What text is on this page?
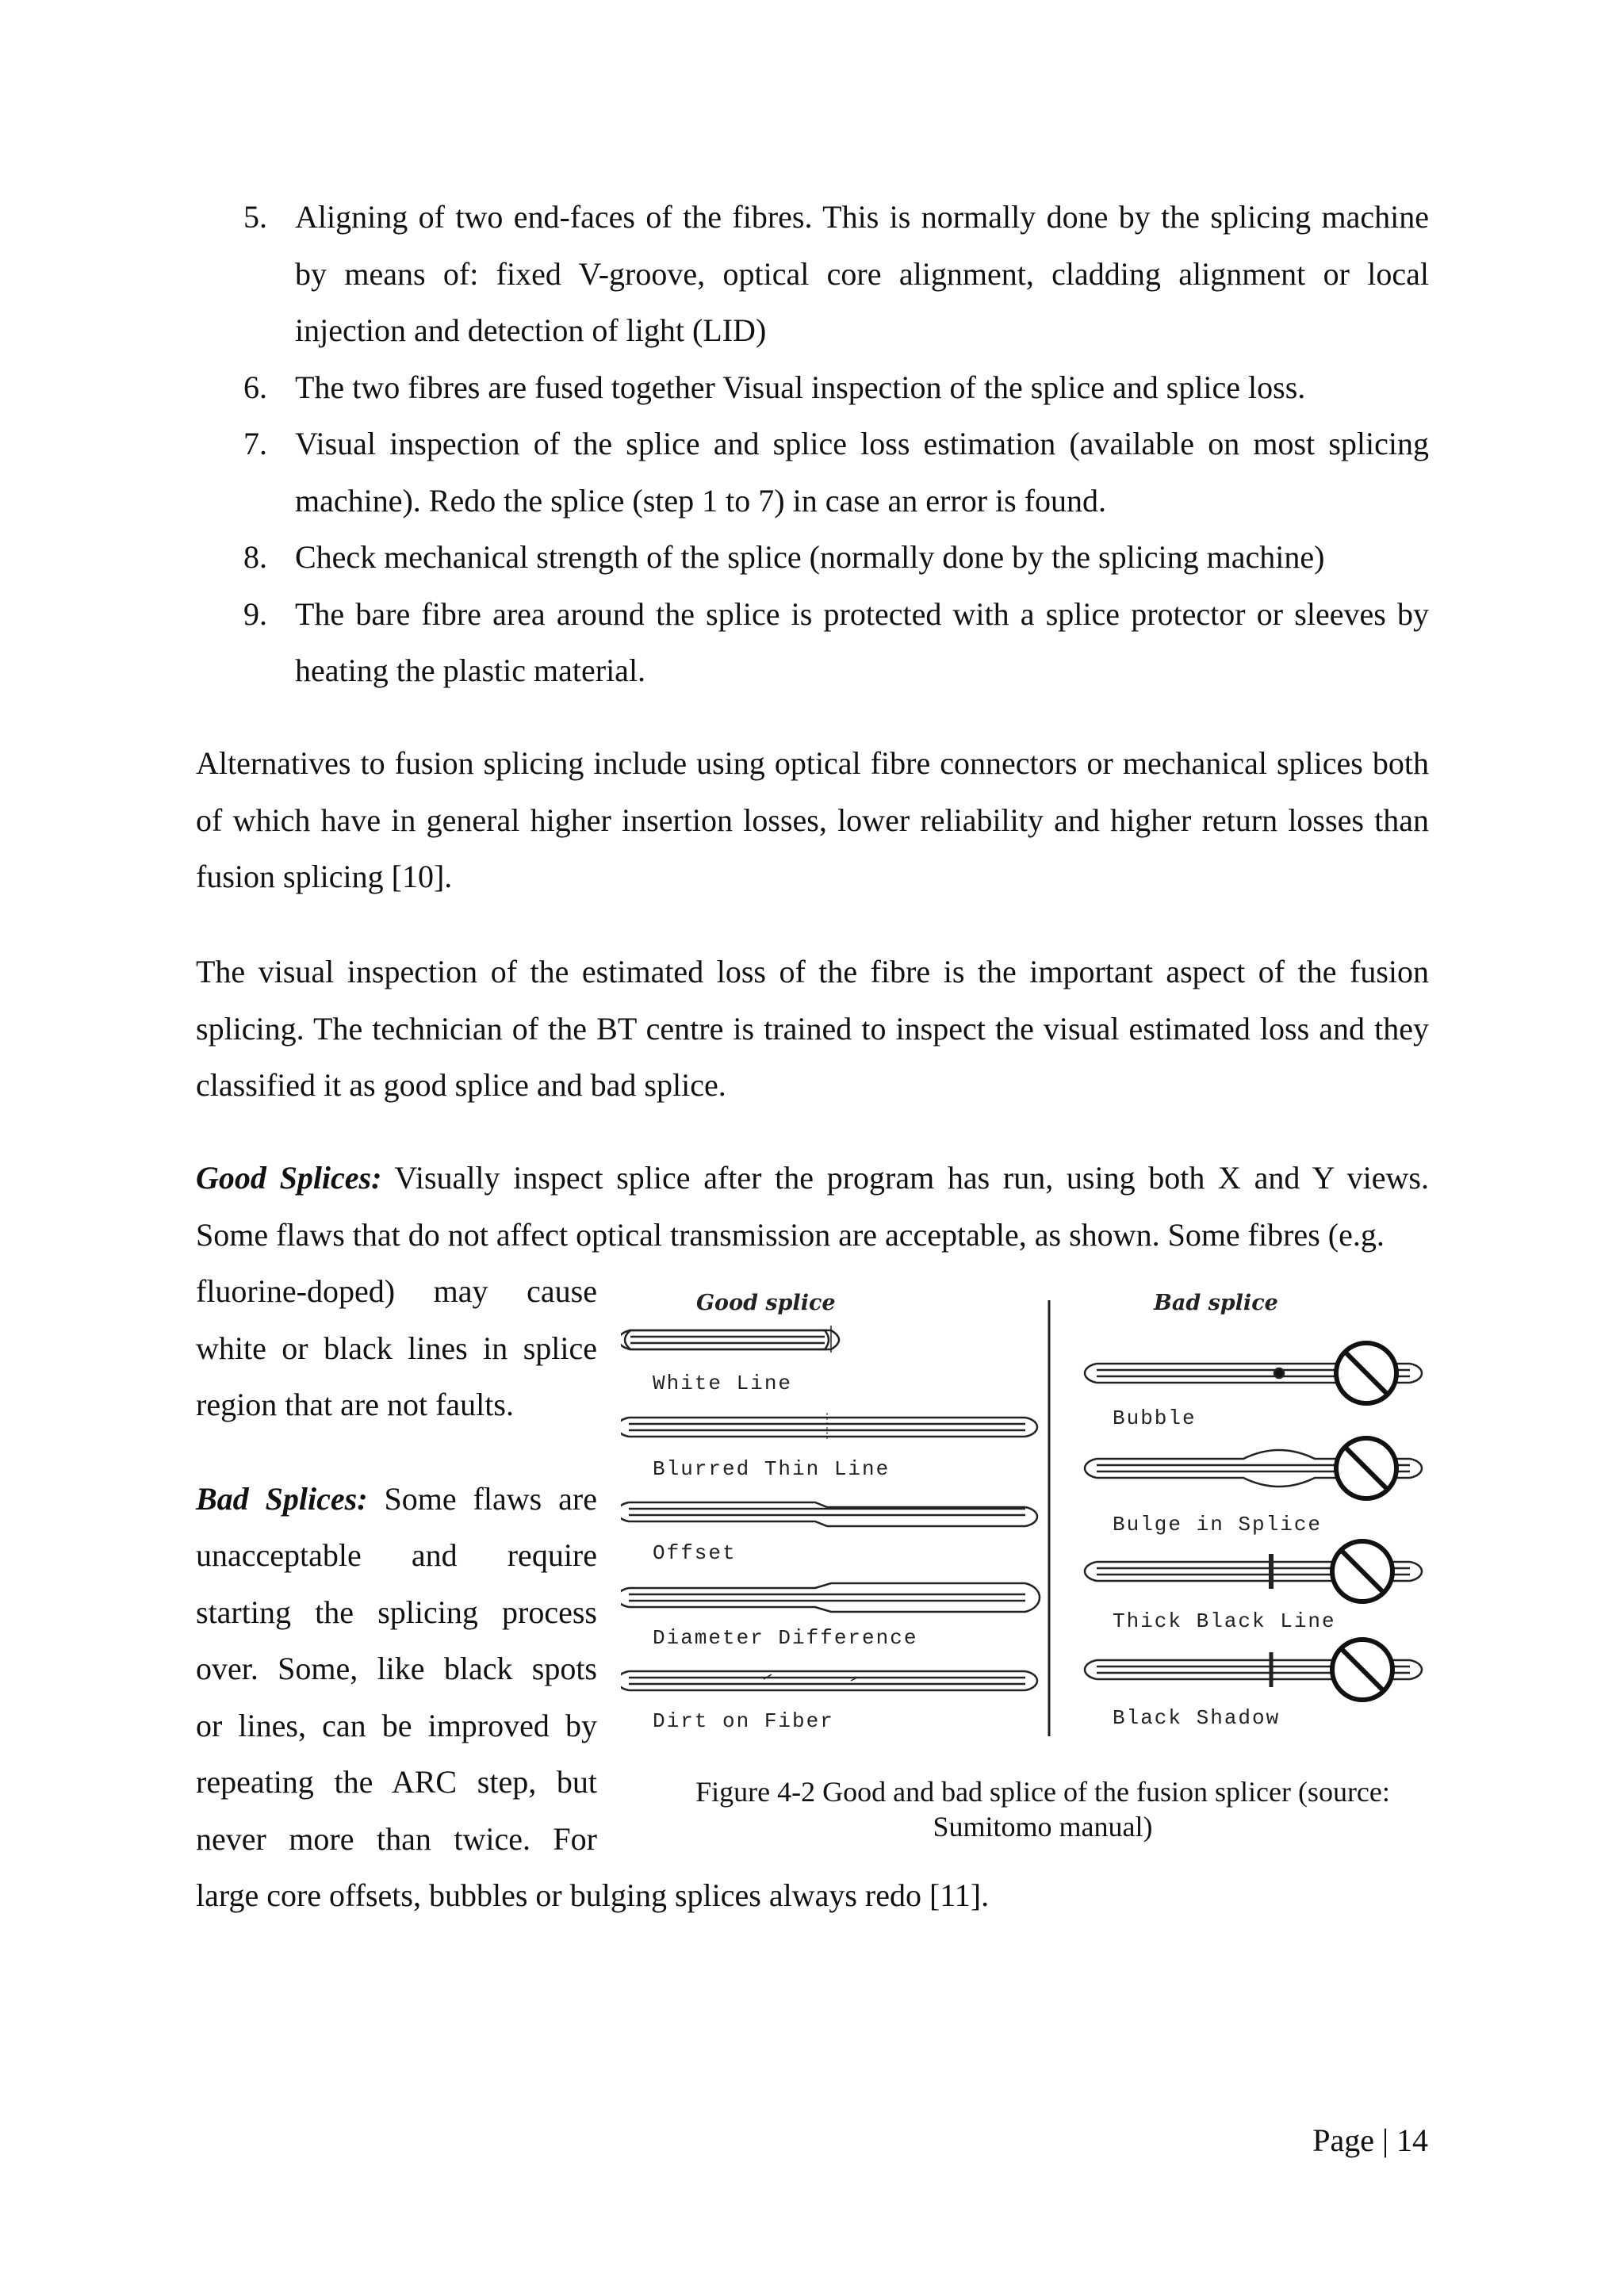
5. Aligning of two end-faces of the fibres. This is normally done by the splicing machine by means of: fixed V-groove, optical core alignment, cladding alignment or local injection and detection of light (LID)
6. The two fibres are fused together Visual inspection of the splice and splice loss.
7. Visual inspection of the splice and splice loss estimation (available on most splicing machine). Redo the splice (step 1 to 7) in case an error is found.
8. Check mechanical strength of the splice (normally done by the splicing machine)
9. The bare fibre area around the splice is protected with a splice protector or sleeves by heating the plastic material.

Alternatives to fusion splicing include using optical fibre connectors or mechanical splices both of which have in general higher insertion losses, lower reliability and higher return losses than fusion splicing [10].

The visual inspection of the estimated loss of the fibre is the important aspect of the fusion splicing. The technician of the BT centre is trained to inspect the visual estimated loss and they classified it as good splice and bad splice.

Good Splices: Visually inspect splice after the program has run, using both X and Y views. Some flaws that do not affect optical transmission are acceptable, as shown. Some fibres (e.g.

fluorine-doped) may cause

white or black lines in splice

region that are not faults.

Bad Splices: Some flaws are

unacceptable and require

starting the splicing process

over. Some, like black spots

or lines, can be improved by

repeating the ARC step, but

never more than twice. For

large core offsets, bubbles or bulging splices always redo [11].

Good splice	Bad splice
White Line
Blurred Thin Line
Offset
Diameter Difference
Dirt on Fiber
Bubble
Bulge in Splice
Thick Black Line
Black Shadow
Figure 4-2 Good and bad splice of the fusion splicer (source:
Sumitomo manual)
Page | 14
